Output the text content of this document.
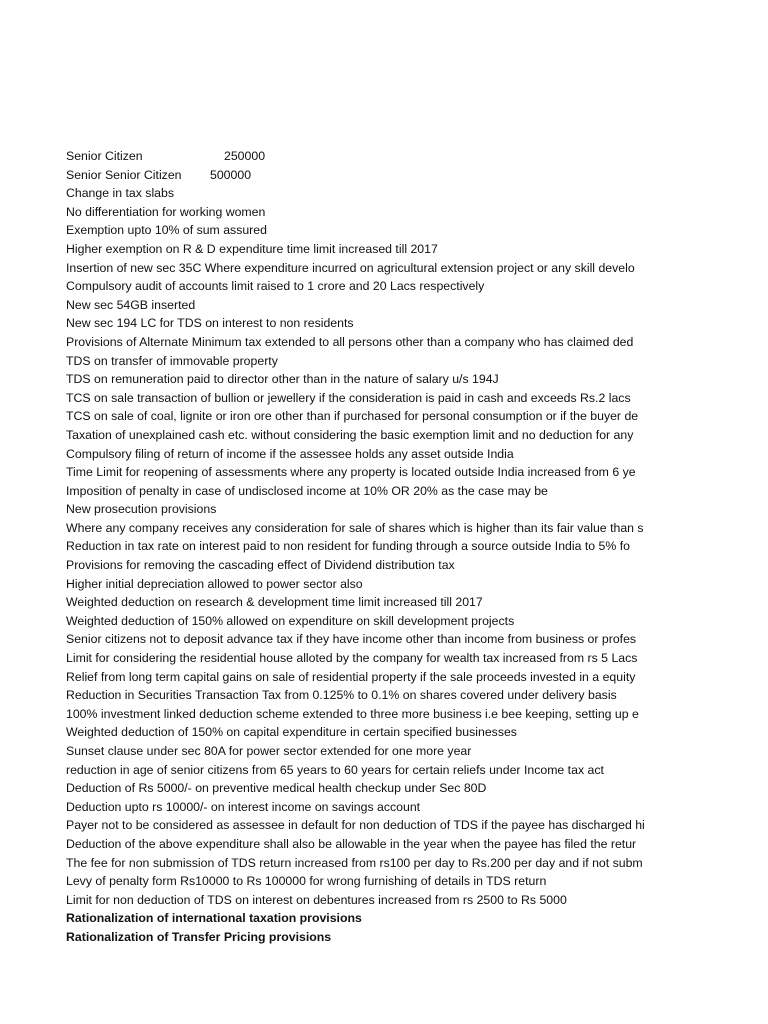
Senior Citizen	250000
Senior Senior Citizen 500000
Change in tax slabs
No differentiation for working women
Exemption upto 10% of sum assured
Higher exemption on R & D expenditure time limit increased till 2017
Insertion of new sec 35C Where expenditure incurred on agricultural extension project or any skill develo
Compulsory audit of accounts limit raised to 1 crore and 20 Lacs respectively
New sec 54GB inserted
New sec 194 LC for TDS on interest to non residents
Provisions of Alternate Minimum tax extended to all persons other than a company who has claimed ded
TDS on transfer of immovable property
TDS on remuneration paid to director other than in the nature of salary u/s 194J
TCS on sale transaction of bullion or jewellery if the consideration is paid in cash and exceeds Rs.2 lacs
TCS on sale of coal, lignite or iron ore other than if purchased for personal consumption or if the buyer de
Taxation of unexplained cash etc. without considering the basic exemption limit and no deduction for any
Compulsory filing of return of income if the assessee holds any asset outside India
Time Limit for reopening of assessments where any property is located outside India increased from 6 ye
Imposition of penalty in case of undisclosed income at 10% OR 20% as the case may be
New prosecution provisions
Where any company receives any consideration for sale of shares which is higher than its fair value than s
Reduction in tax rate on interest paid to non resident for funding through a source outside India to 5% fo
Provisions for removing the cascading effect of Dividend distribution tax
Higher initial depreciation allowed to power sector also
Weighted deduction on research & development time limit increased till 2017
Weighted deduction of 150% allowed on expenditure on skill development projects
Senior citizens not to deposit advance tax if they have income other than income from business or profes
Limit for considering the residential house alloted by the company for wealth tax increased from rs 5 Lacs
Relief from long term capital gains on sale of residential property if the sale proceeds invested in a equity
Reduction in Securities Transaction Tax from 0.125% to 0.1% on shares covered under delivery basis
100% investment linked deduction scheme extended to three more business i.e bee keeping, setting up e
Weighted deduction of 150% on capital expenditure in certain specified businesses
Sunset clause under sec 80A for power sector extended for one more year
reduction in age of senior citizens from 65 years to 60 years for certain reliefs under Income tax act
Deduction of Rs 5000/- on preventive medical health checkup under Sec 80D
Deduction upto rs 10000/- on interest income on savings account
Payer not to be considered as assessee in default for non deduction of TDS if the payee has discharged hi
Deduction of the above expenditure shall also be allowable in the year when the payee has filed the retur
The fee for non submission of TDS return increased from rs100 per day to Rs.200 per day and if not subm
Levy of penalty form Rs10000 to Rs 100000 for wrong furnishing of details in TDS return
Limit for non deduction of TDS on interest on debentures increased from rs 2500 to Rs 5000
Rationalization of international taxation provisions
Rationalization of Transfer Pricing provisions
